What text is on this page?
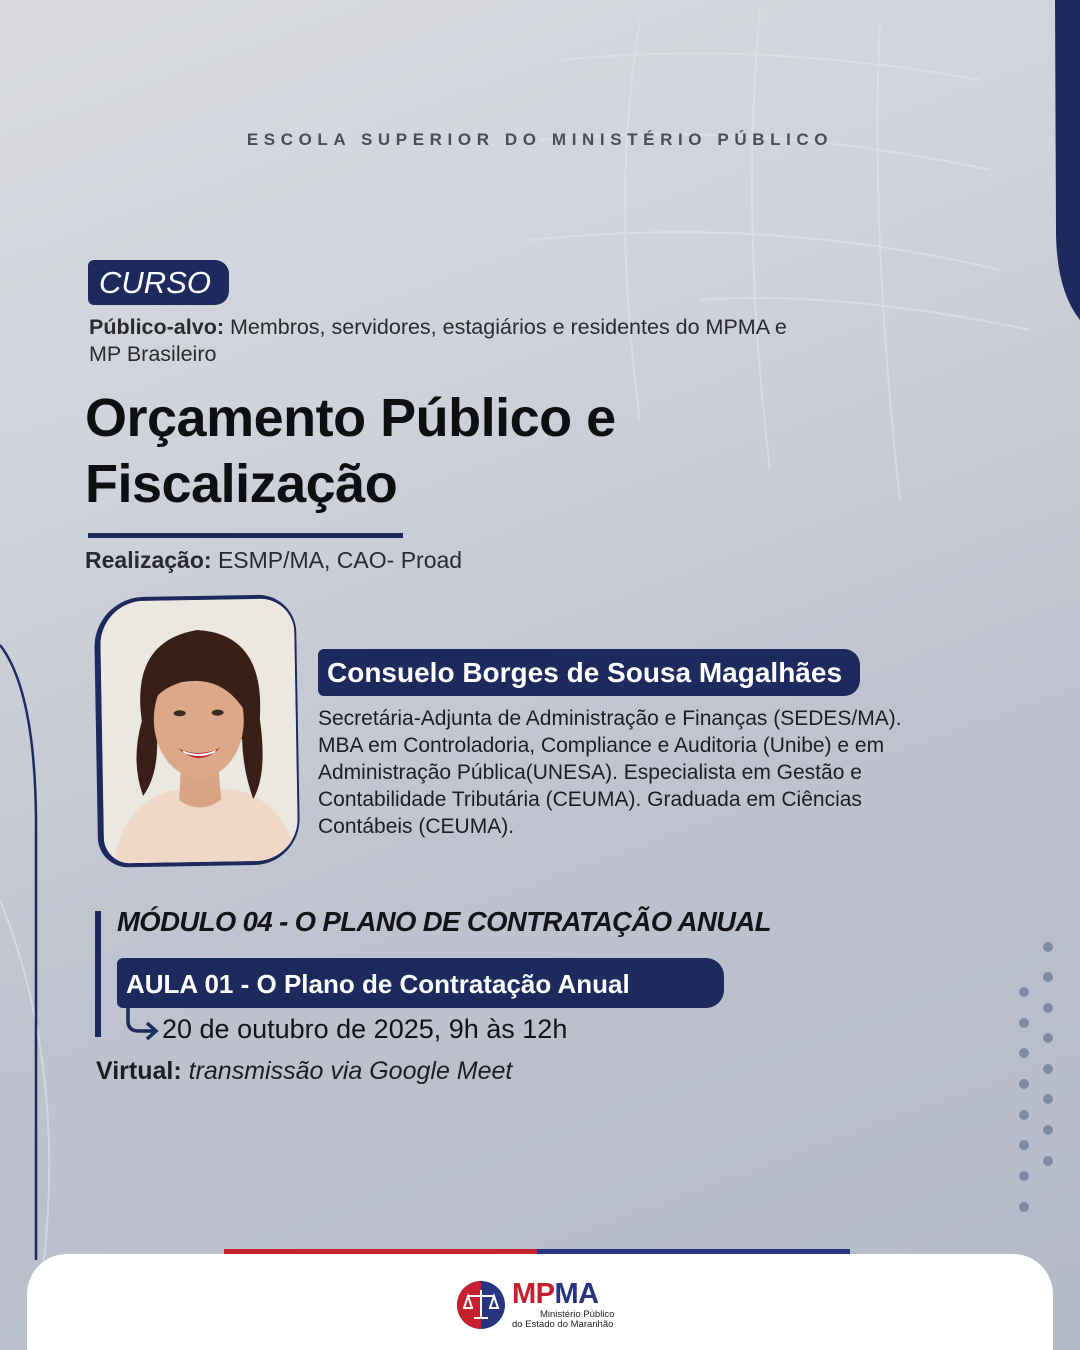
ESCOLA SUPERIOR DO MINISTÉRIO PÚBLICO
CURSO
Público-alvo: Membros, servidores, estagiários e residentes do MPMA e MP Brasileiro
Orçamento Público e
Fiscalização
Realização: ESMP/MA, CAO- Proad
Consuelo Borges de Sousa Magalhães
Secretária-Adjunta de Administração e Finanças (SEDES/MA).
MBA em Controladoria, Compliance e Auditoria (Unibe) e em
Administração Pública(UNESA). Especialista em Gestão e
Contabilidade Tributária (CEUMA). Graduada em Ciências
Contábeis (CEUMA).
MÓDULO 04 - O PLANO DE CONTRATAÇÃO ANUAL
AULA 01 - O Plano de Contratação Anual
20 de outubro de 2025, 9h às 12h
Virtual: transmissão via Google Meet
MPMA
Ministério Público
do Estado do Maranhão
